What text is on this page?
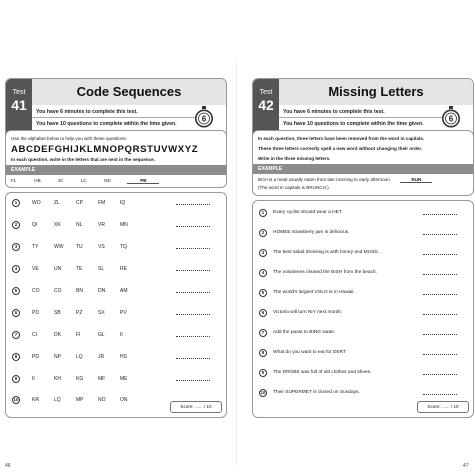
Test
41
Code Sequences
You have 6 minutes to complete this test.
You have 10 questions to complete within the time given.
6
Use the alphabet below to help you with these questions.
ABCDEFGHIJKLMNOPQRSTUVWXYZ
In each question, write in the letters that are next in the sequence.
EXAMPLE
FL	HB	JC	LC	ND	PB
1	WO	ZL	CP	FM	IQ
2	QI	XK	NL	VR	MN
3	TY	WW	TU	VS	TQ
4	VE	UN	TE	SL	RE
5	CO	CO	BN	DN	AM
6	PD	SB	PZ	SX	PV
7	CI	DK	FI	GL	II
8	PD	NP	LQ	JR	HS
9	II	KH	KG	MF	ME
10	KR	LQ	MP	NO	ON
Score: ...... / 10
Test
42
Missing Letters
You have 6 minutes to complete this test.
You have 10 questions to complete within the time given.
6
In each question, three letters have been removed from the word in capitals.
These three letters correctly spell a new word without changing their order.
Write in the three missing letters.
EXAMPLE
BCH is a meal usually eaten from late morning to early afternoon.	RUN
(The word in capitals is BRUNCH.)
1	Every cyclist should wear a HET.
2	HOMEE strawberry jam is delicious.
3	The best salad dressing is with honey and MUSD.
4	The volunteers cleared the BISH from the beach.
5	The world's largest VOLO is in Hawaii.
6	Victoria will turn NIY next month.
7	Add the pasta to BING water.
8	What do you want to eat for DERT
9	The DROBE was full of old clothes and shoes.
10	Their SUPERMET is closed on Sundays.
Score: ...... / 10
46	47
